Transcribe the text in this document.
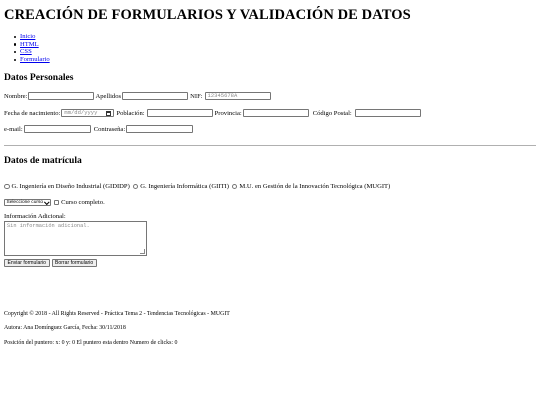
CREACIÓN DE FORMULARIOS Y VALIDACIÓN DE DATOS
Inicio
HTML
CSS
Formulario
Datos Personales
Nombre:	Apellidos	NIF: 12345678A
Fecha de nacimiento: mm/dd/yyyy	Población:	Provincia:	Código Postal:
e-mail:	Contraseña:
Datos de matrícula
G. Ingeniería en Diseño Industrial (GIDIDP) G. Ingeniería Informática (GIITI) M.U. en Gestión de la Innovación Tecnológica (MUGIT)
Seleccione curso	Curso completo.
Información Adicional:
Sin información adicional.
Enviar formulario Borrar formulario
Copyright © 2018 - All Rights Reserved - Práctica Tema 2 - Tendencias Tecnológicas - MUGIT
Autora: Ana Domínguez García, Fecha: 30/11/2018
Posición del puntero: x: 0 y: 0 El puntero esta dentro Numero de clicks: 0
